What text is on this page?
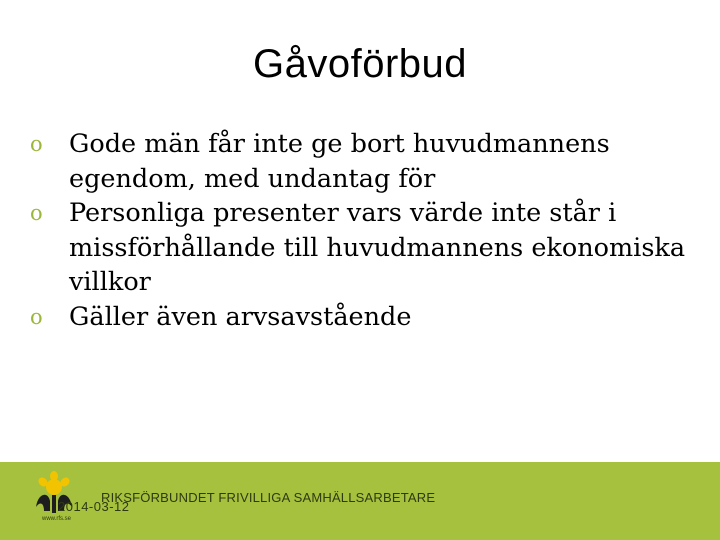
Gåvoförbud
o Gode män får inte ge bort huvudmannens egendom, med undantag för
o Personliga presenter vars värde inte står i missförhållande till huvudmannens ekonomiska villkor
o Gäller även arvsavstående
2014-03-12
RIKSFÖRBUNDET FRIVILLIGA SAMHÄLLSARBETARE
www.rfs.se
